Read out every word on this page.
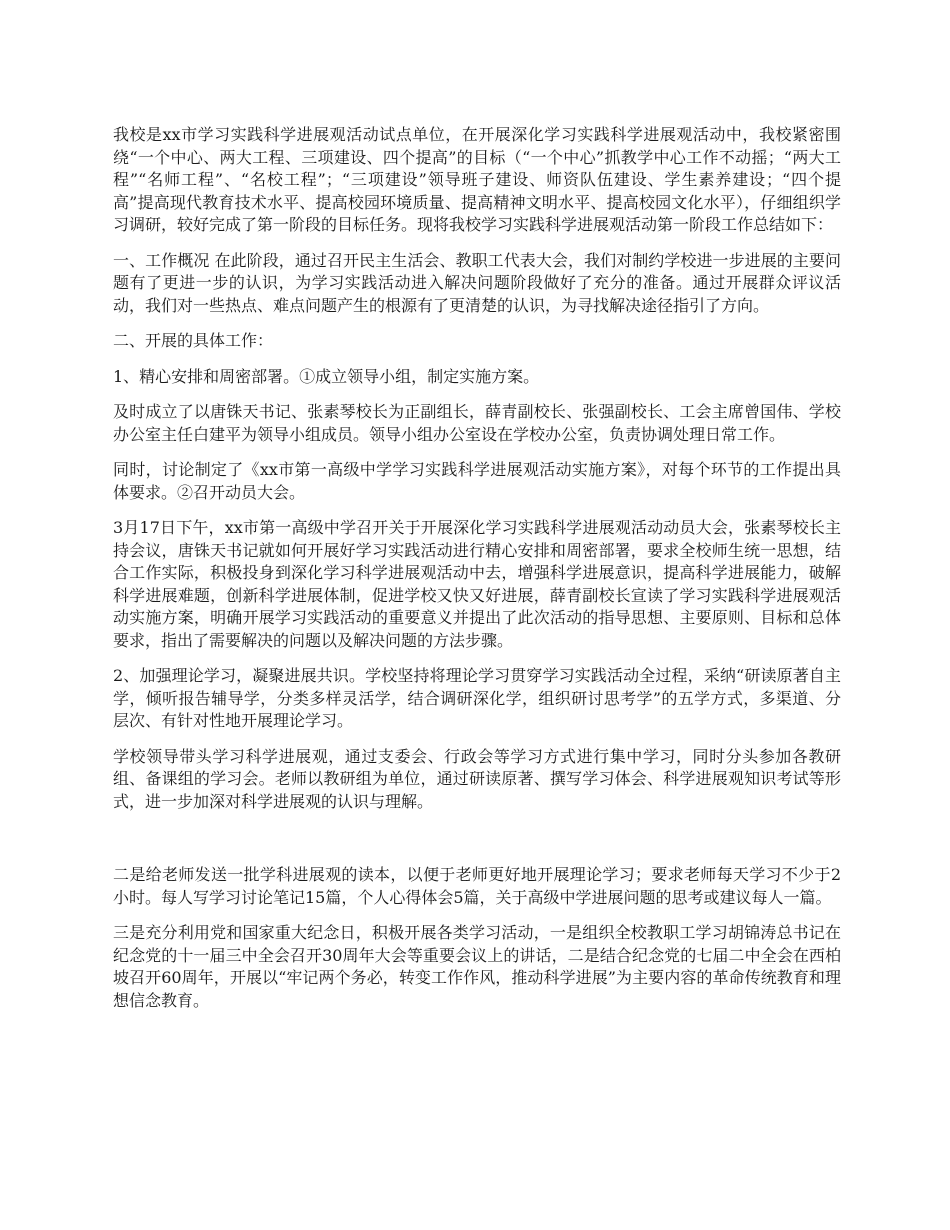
我校是xx市学习实践科学进展观活动试点单位，在开展深化学习实践科学进展观活动中，我校紧密围绕“一个中心、两大工程、三项建设、四个提高”的目标（“一个中心”抓教学中心工作不动摇；“两大工程”“名师工程”、“名校工程”；“三项建设”领导班子建设、师资队伍建设、学生素养建设；“四个提高”提高现代教育技术水平、提高校园环境质量、提高精神文明水平、提高校园文化水平），仔细组织学习调研，较好完成了第一阶段的目标任务。现将我校学习实践科学进展观活动第一阶段工作总结如下：

一、工作概况 在此阶段，通过召开民主生活会、教职工代表大会，我们对制约学校进一步进展的主要问题有了更进一步的认识，为学习实践活动进入解决问题阶段做好了充分的准备。通过开展群众评议活动，我们对一些热点、难点问题产生的根源有了更清楚的认识，为寻找解决途径指引了方向。

二、开展的具体工作：

1、精心安排和周密部署。①成立领导小组，制定实施方案。

及时成立了以唐铢天书记、张素琴校长为正副组长，薛青副校长、张强副校长、工会主席曾国伟、学校办公室主任白建平为领导小组成员。领导小组办公室设在学校办公室，负责协调处理日常工作。

同时，讨论制定了《xx市第一高级中学学习实践科学进展观活动实施方案》，对每个环节的工作提出具体要求。②召开动员大会。

3月17日下午，xx市第一高级中学召开关于开展深化学习实践科学进展观活动动员大会，张素琴校长主持会议，唐铢天书记就如何开展好学习实践活动进行精心安排和周密部署，要求全校师生统一思想，结合工作实际，积极投身到深化学习科学进展观活动中去，增强科学进展意识，提高科学进展能力，破解科学进展难题，创新科学进展体制，促进学校又快又好进展，薛青副校长宣读了学习实践科学进展观活动实施方案，明确开展学习实践活动的重要意义并提出了此次活动的指导思想、主要原则、目标和总体要求，指出了需要解决的问题以及解决问题的方法步骤。

2、加强理论学习，凝聚进展共识。学校坚持将理论学习贯穿学习实践活动全过程，采纳“研读原著自主学，倾听报告辅导学，分类多样灵活学，结合调研深化学，组织研讨思考学”的五学方式，多渠道、分层次、有针对性地开展理论学习。

学校领导带头学习科学进展观，通过支委会、行政会等学习方式进行集中学习，同时分头参加各教研组、备课组的学习会。老师以教研组为单位，通过研读原著、撰写学习体会、科学进展观知识考试等形式，进一步加深对科学进展观的认识与理解。

二是给老师发送一批学科进展观的读本，以便于老师更好地开展理论学习；要求老师每天学习不少于2小时。每人写学习讨论笔记15篇，个人心得体会5篇，关于高级中学进展问题的思考或建议每人一篇。

三是充分利用党和国家重大纪念日，积极开展各类学习活动，一是组织全校教职工学习胡锦涛总书记在纪念党的十一届三中全会召开30周年大会等重要会议上的讲话，二是结合纪念党的七届二中全会在西柏坡召开60周年，开展以“牢记两个务必，转变工作作风，推动科学进展”为主要内容的革命传统教育和理想信念教育。
